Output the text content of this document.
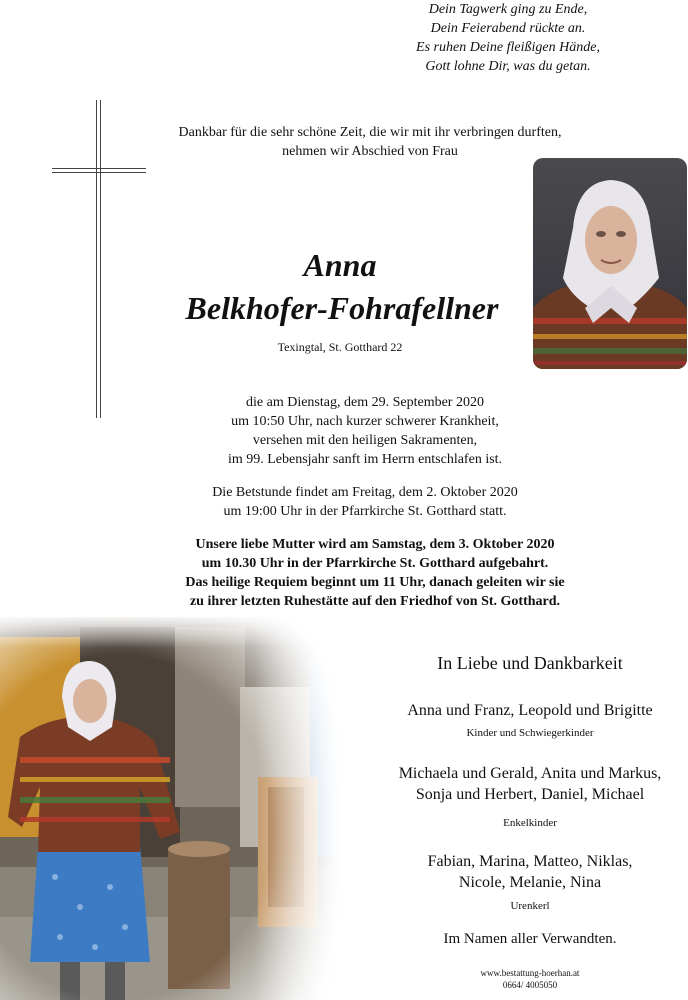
Dein Tagwerk ging zu Ende,
Dein Feierabend rückte an.
Es ruhen Deine fleißigen Hände,
Gott lohne Dir, was du getan.
Dankbar für die sehr schöne Zeit, die wir mit ihr verbringen durften,
nehmen wir Abschied von Frau
Anna
Belkhofer-Fohrafellner
Texingtal, St. Gotthard 22
die am Dienstag, dem 29. September 2020
um 10:50 Uhr, nach kurzer schwerer Krankheit,
versehen mit den heiligen Sakramenten,
im 99. Lebensjahr sanft im Herrn entschlafen ist.
Die Betstunde findet am Freitag, dem 2. Oktober 2020
um 19:00 Uhr in der Pfarrkirche St. Gotthard statt.
Unsere liebe Mutter wird am Samstag, dem 3. Oktober 2020
um 10.30 Uhr in der Pfarrkirche St. Gotthard aufgebahrt.
Das heilige Requiem beginnt um 11 Uhr, danach geleiten wir sie
zu ihrer letzten Ruhestätte auf den Friedhof von St. Gotthard.
In Liebe und Dankbarkeit
Anna und Franz, Leopold und Brigitte
Kinder und Schwiegerkinder
Michaela und Gerald, Anita und Markus,
Sonja und Herbert, Daniel, Michael
Enkelkinder
Fabian, Marina, Matteo, Niklas,
Nicole, Melanie, Nina
Urenkerl
Im Namen aller Verwandten.
www.bestattung-hoerhan.at
0664/ 4005050
